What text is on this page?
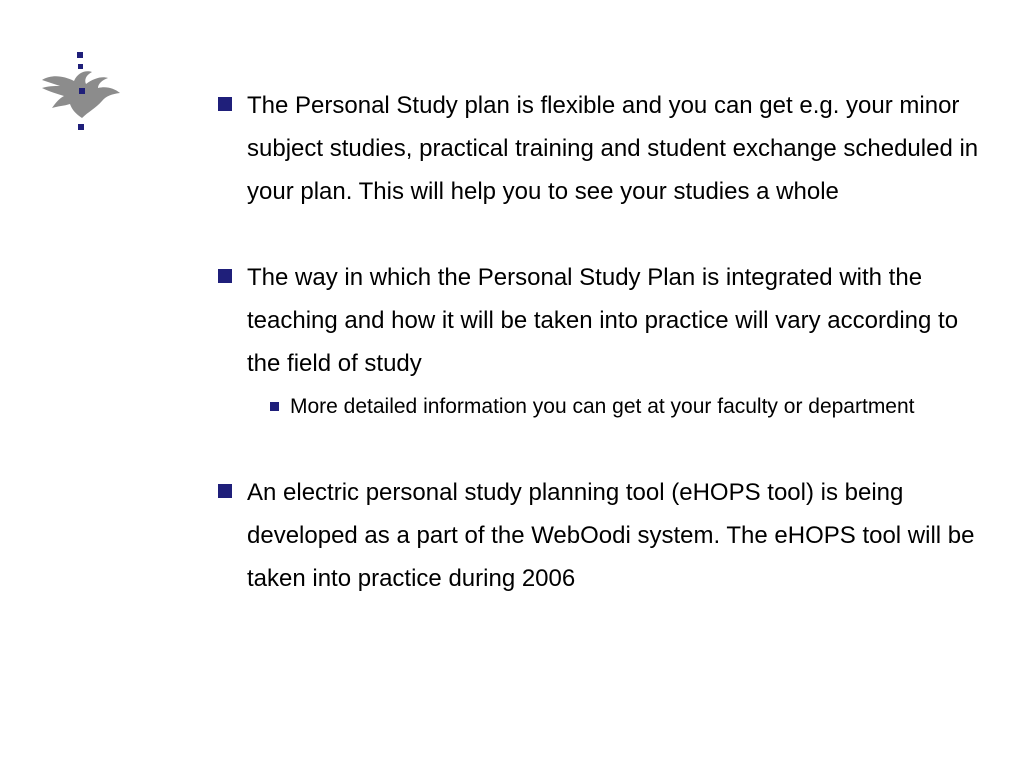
The Personal Study plan is flexible and you can get e.g. your minor subject studies, practical training and student exchange scheduled in your plan. This will help you to see your studies a whole

The way in which the Personal Study Plan is integrated with the teaching and how it will be taken into practice will vary according to the field of study
More detailed information you can get at your faculty or department

An electric personal study planning tool (eHOPS tool) is being developed as a part of the WebOodi system. The eHOPS tool will be taken into practice during 2006
